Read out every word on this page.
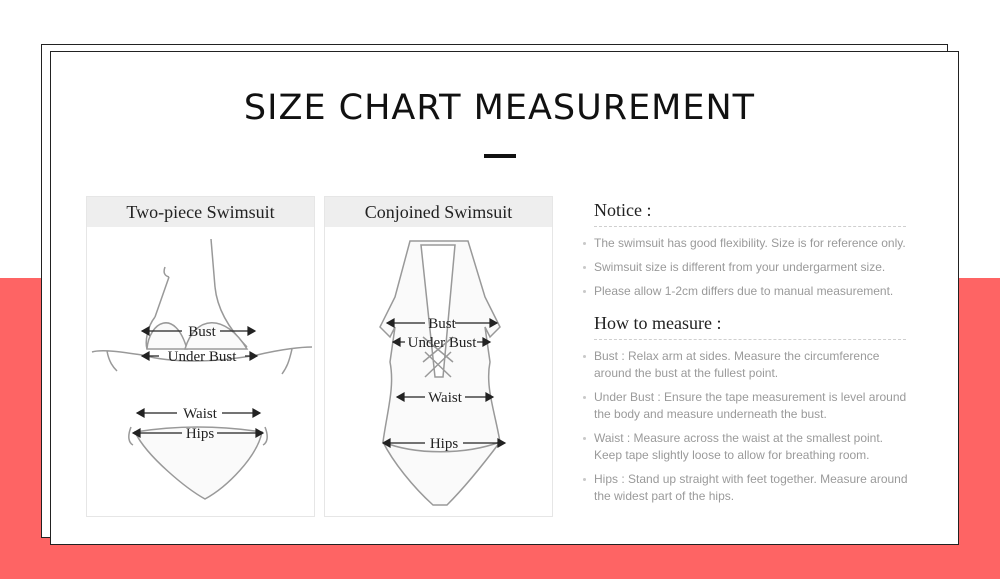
SIZE CHART MEASUREMENT
Two-piece Swimsuit
Bust
Under Bust
Waist
Hips
Conjoined Swimsuit
Bust
Under Bust
Waist
Hips
Notice :
The swimsuit has good flexibility. Size is for reference only.
Swimsuit size is different from your undergarment size.
Please allow 1-2cm differs due to manual measurement.
How to measure :
Bust : Relax arm at sides. Measure the circumference around the bust at the fullest point.
Under Bust : Ensure the tape measurement is level around the body and measure underneath the bust.
Waist : Measure across the waist at the smallest point. Keep tape slightly loose to allow for breathing room.
Hips : Stand up straight with feet together. Measure around the widest part of the hips.
